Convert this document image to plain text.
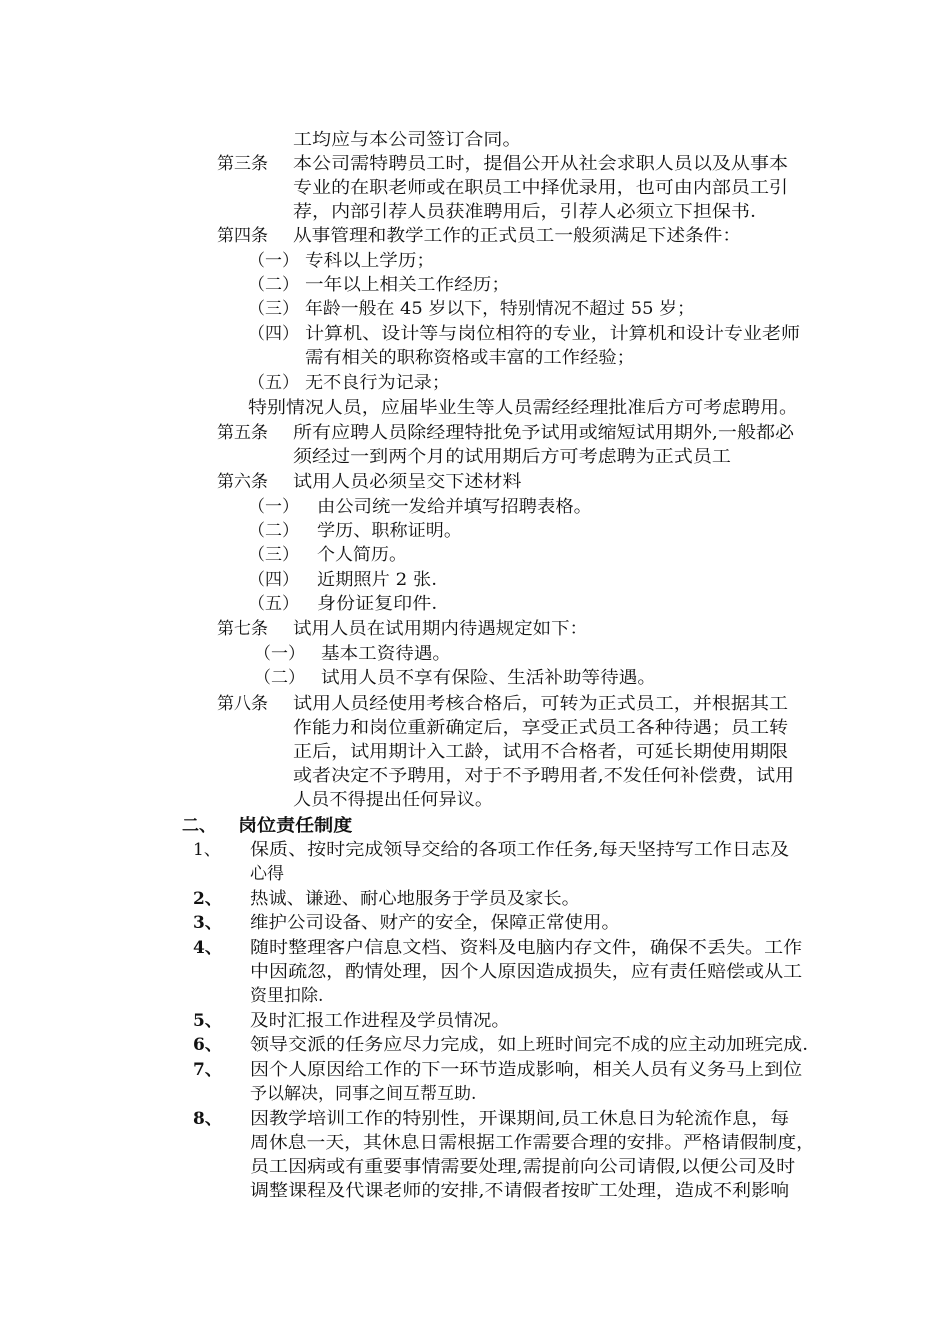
工均应与本公司签订合同。
第三条 本公司需特聘员工时，提倡公开从社会求职人员以及从事本
专业的在职老师或在职员工中择优录用，也可由内部员工引
荐，内部引荐人员获准聘用后，引荐人必须立下担保书.
第四条 从事管理和教学工作的正式员工一般须满足下述条件：
（一） 专科以上学历；
（二） 一年以上相关工作经历；
（三） 年龄一般在 45 岁以下，特别情况不超过 55 岁；
（四） 计算机、设计等与岗位相符的专业，计算机和设计专业老师
需有相关的职称资格或丰富的工作经验；
（五） 无不良行为记录；
特别情况人员，应届毕业生等人员需经经理批准后方可考虑聘用。
第五条 所有应聘人员除经理特批免予试用或缩短试用期外,一般都必
须经过一到两个月的试用期后方可考虑聘为正式员工
第六条 试用人员必须呈交下述材料
（一） 由公司统一发给并填写招聘表格。
（二） 学历、职称证明。
（三） 个人简历。
（四） 近期照片 2 张.
（五） 身份证复印件.
第七条 试用人员在试用期内待遇规定如下：
（一） 基本工资待遇。
（二） 试用人员不享有保险、生活补助等待遇。
第八条 试用人员经使用考核合格后，可转为正式员工，并根据其工
作能力和岗位重新确定后，享受正式员工各种待遇；员工转
正后，试用期计入工龄，试用不合格者，可延长期使用期限
或者决定不予聘用，对于不予聘用者,不发任何补偿费，试用
人员不得提出任何异议。
二、 岗位责任制度
1、 保质、按时完成领导交给的各项工作任务,每天坚持写工作日志及
心得
2、 热诚、谦逊、耐心地服务于学员及家长。
3、 维护公司设备、财产的安全，保障正常使用。
4、 随时整理客户信息文档、资料及电脑内存文件，确保不丢失。工作
中因疏忽，酌情处理，因个人原因造成损失，应有责任赔偿或从工
资里扣除.
5、 及时汇报工作进程及学员情况。
6、 领导交派的任务应尽力完成，如上班时间完不成的应主动加班完成.
7、 因个人原因给工作的下一环节造成影响，相关人员有义务马上到位
予以解决，同事之间互帮互助.
8、 因教学培训工作的特别性，开课期间,员工休息日为轮流作息，每
周休息一天，其休息日需根据工作需要合理的安排。严格请假制度，
员工因病或有重要事情需要处理,需提前向公司请假,以便公司及时
调整课程及代课老师的安排,不请假者按旷工处理，造成不利影响
